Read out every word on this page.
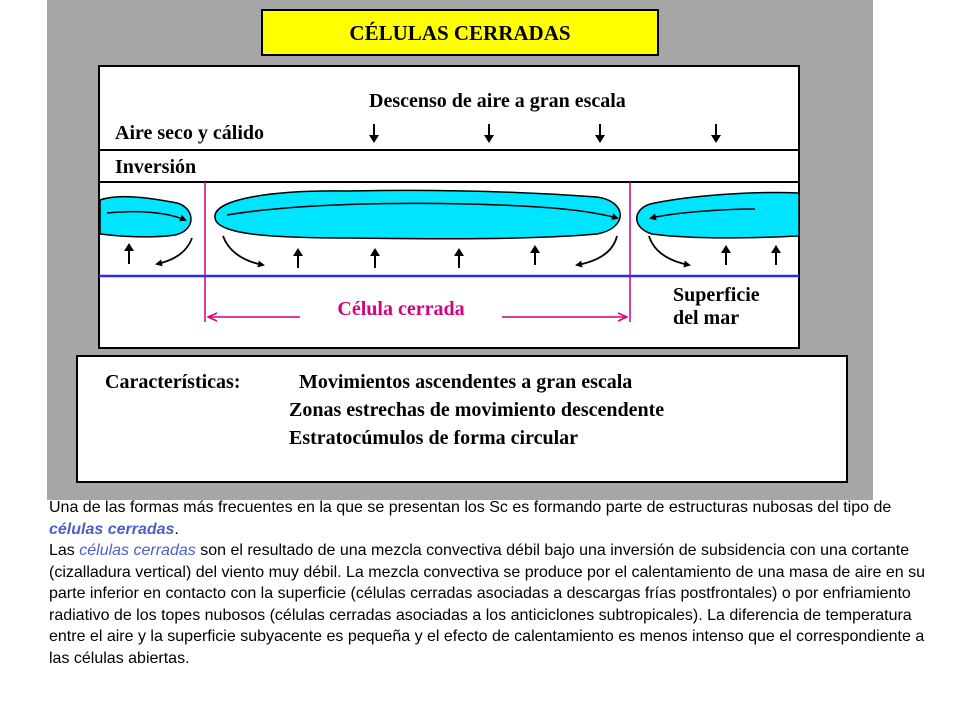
CÉLULAS CERRADAS
Descenso de aire a gran escala
Aire seco y cálido
Inversión
Célula cerrada
Superficie
del mar
Características:	Movimientos ascendentes a gran escala
Zonas estrechas de movimiento descendente
Estratocúmulos de forma circular

Una de las formas más frecuentes en la que se presentan los Sc es formando parte de estructuras nubosas del tipo de células cerradas.

Las células cerradas son el resultado de una mezcla convectiva débil bajo una inversión de subsidencia con una cortante (cizalladura vertical) del viento muy débil. La mezcla convectiva se produce por el calentamiento de una masa de aire en su parte inferior en contacto con la superficie (células cerradas asociadas a descargas frías postfrontales) o por enfriamiento radiativo de los topes nubosos (células cerradas asociadas a los anticiclones subtropicales). La diferencia de temperatura entre el aire y la superficie subyacente es pequeña y el efecto de calentamiento es menos intenso que el correspondiente a las células abiertas.
